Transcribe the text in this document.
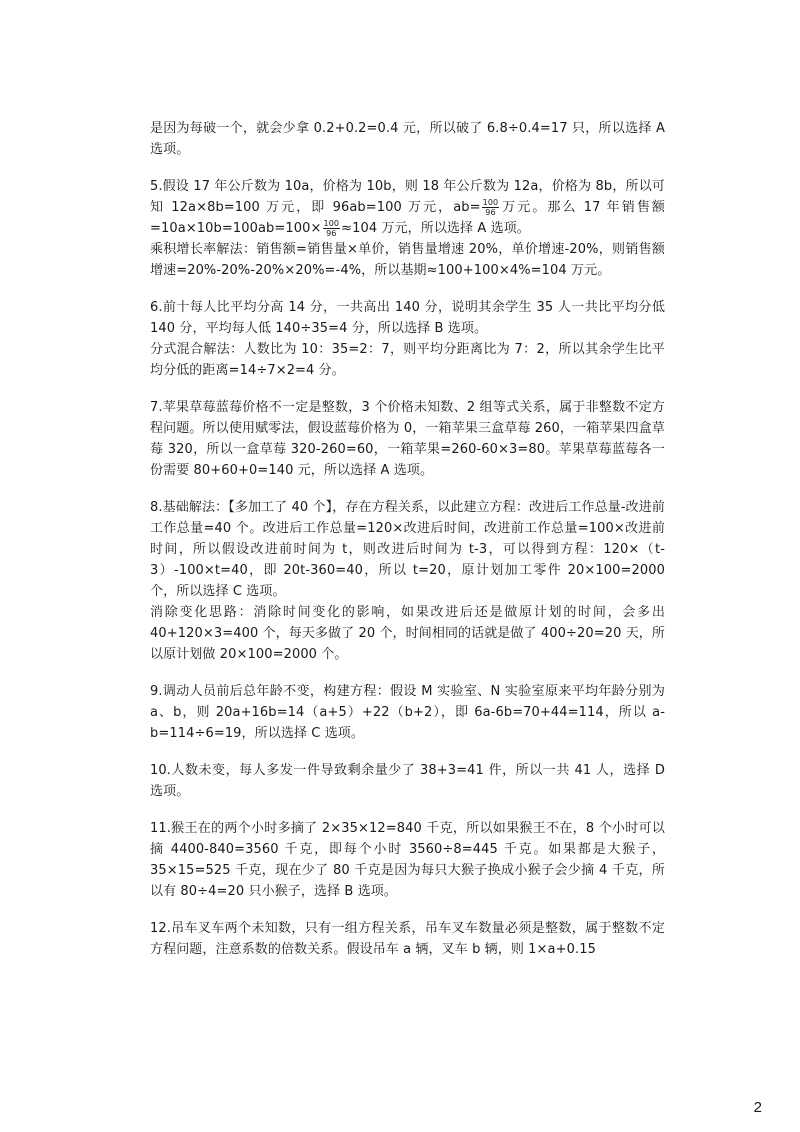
是因为每破一个，就会少拿 0.2+0.2=0.4 元，所以破了 6.8÷0.4=17 只，所以选择 A 选项。

5.假设 17 年公斤数为 10a，价格为 10b，则 18 年公斤数为 12a，价格为 8b，所以可知 12a×8b=100 万元，即 96ab=100 万元，$ab= \frac{100}{96}$ 万元。那么 17 年销售额$=10a\times 10b=100ab=100\times \frac{100}{96} \approx 104$ 万元，所以选择 A 选项。

乘积增长率解法：销售额=销售量×单价，销售量增速 20%，单价增速-20%，则销售额增速=20%-20%-20%×20%=-4%，所以基期≈100+100×4%=104 万元。

6.前十每人比平均分高 14 分，一共高出 140 分，说明其余学生 35 人一共比平均分低 140 分，平均每人低 140÷35=4 分，所以选择 B 选项。

分式混合解法：人数比为 10：35=2：7，则平均分距离比为 7：2，所以其余学生比平均分低的距离=14÷7×2=4 分。

7.苹果草莓蓝莓价格不一定是整数，3 个价格未知数、2 组等式关系，属于非整数不定方程问题。所以使用赋零法，假设蓝莓价格为 0，一箱苹果三盒草莓 260，一箱苹果四盒草莓 320，所以一盒草莓 320-260=60，一箱苹果=260-60×3=80。苹果草莓蓝莓各一份需要 80+60+0=140 元，所以选择 A 选项。

8.基础解法：【多加工了 40 个】，存在方程关系，以此建立方程：改进后工作总量-改进前工作总量=40 个。改进后工作总量=120×改进后时间，改进前工作总量=100×改进前时间，所以假设改进前时间为 t，则改进后时间为 t-3，可以得到方程：120×（t-3）-100×t=40，即 20t-360=40，所以 t=20，原计划加工零件 20×100=2000 个，所以选择 C 选项。

消除变化思路：消除时间变化的影响，如果改进后还是做原计划的时间，会多出 40+120×3=400 个，每天多做了 20 个，时间相同的话就是做了 400÷20=20 天，所以原计划做 20×100=2000 个。

9.调动人员前后总年龄不变，构建方程：假设 M 实验室、N 实验室原来平均年龄分别为 a、b，则 20a+16b=14（a+5）+22（b+2），即 6a-6b=70+44=114，所以 a-b=114÷6=19，所以选择 C 选项。

10.人数未变，每人多发一件导致剩余量少了 38+3=41 件，所以一共 41 人，选择 D 选项。

11.猴王在的两个小时多摘了 2×35×12=840 千克，所以如果猴王不在，8 个小时可以摘 4400-840=3560 千克，即每个小时 3560÷8=445 千克。如果都是大猴子，35×15=525 千克，现在少了 80 千克是因为每只大猴子换成小猴子会少摘 4 千克，所以有 80÷4=20 只小猴子，选择 B 选项。

12.吊车叉车两个未知数，只有一组方程关系，吊车叉车数量必须是整数，属于整数不定方程问题，注意系数的倍数关系。假设吊车 a 辆，叉车 b 辆，则 1×a+0.15

2
